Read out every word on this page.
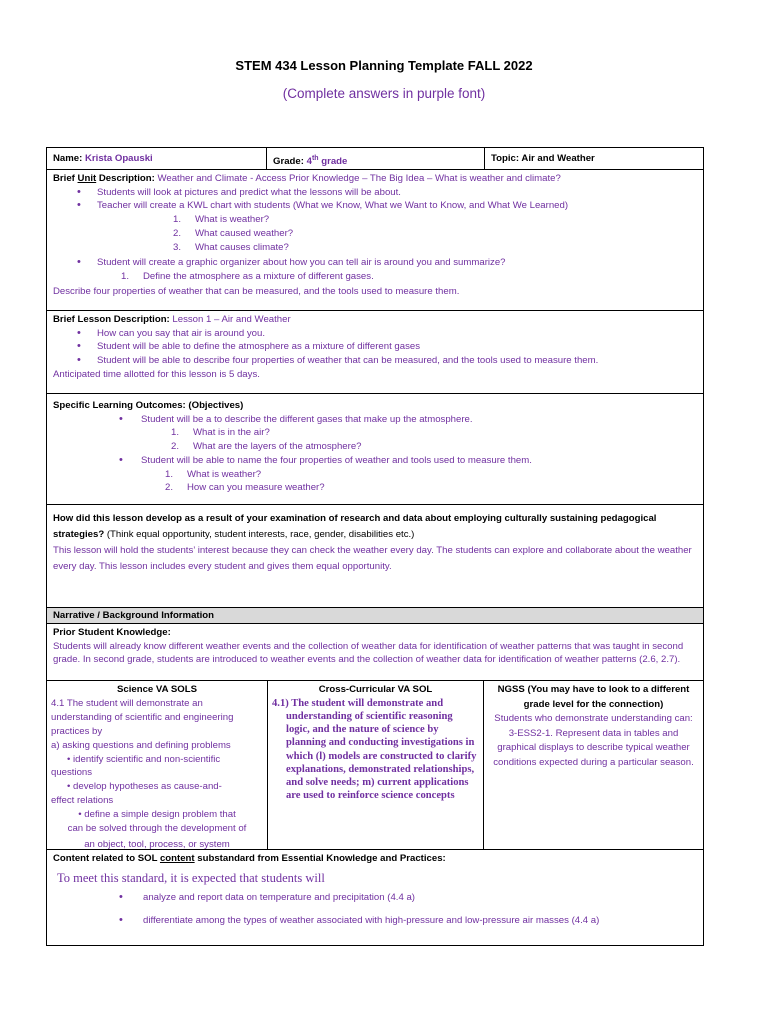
STEM 434 Lesson Planning Template FALL 2022
(Complete answers in purple font)
Name: Krista Opauski	Grade: 4th grade	Topic: Air and Weather
Brief Unit Description: Weather and Climate - Access Prior Knowledge – The Big Idea – What is weather and climate?
• Students will look at pictures and predict what the lessons will be about.
• Teacher will create a KWL chart with students (What we Know, What we Want to Know, and What We Learned)
1. What is weather?
2. What caused weather?
3. What causes climate?
• Student will create a graphic organizer about how you can tell air is around you and summarize?
1. Define the atmosphere as a mixture of different gases.
Describe four properties of weather that can be measured, and the tools used to measure them.
Brief Lesson Description: Lesson 1 – Air and Weather
• How can you say that air is around you.
• Student will be able to define the atmosphere as a mixture of different gases
• Student will be able to describe four properties of weather that can be measured, and the tools used to measure them.
Anticipated time allotted for this lesson is 5 days.
Specific Learning Outcomes: (Objectives)
• Student will be a to describe the different gases that make up the atmosphere.
1. What is in the air?
2. What are the layers of the atmosphere?
• Student will be able to name the four properties of weather and tools used to measure them.
1. What is weather?
2. How can you measure weather?
How did this lesson develop as a result of your examination of research and data about employing culturally sustaining pedagogical strategies? (Think equal opportunity, student interests, race, gender, disabilities etc.)
This lesson will hold the students’ interest because they can check the weather every day. The students can explore and collaborate about the weather every day. This lesson includes every student and gives them equal opportunity.
Narrative / Background Information
Prior Student Knowledge:
Students will already know different weather events and the collection of weather data for identification of weather patterns that was taught in second grade. In second grade, students are introduced to weather events and the collection of weather data for identification of weather patterns (2.6, 2.7).
Science VA SOLS
4.1 The student will demonstrate an
understanding of scientific and engineering
practices by
a) asking questions and defining problems
• identify scientific and non-scientific
questions
• develop hypotheses as cause-and-
effect relations
• define a simple design problem that
can be solved through the development of
an object, tool, process, or system
Cross-Curricular VA SOL
4.1) The student will demonstrate and understanding of scientific reasoning logic, and the nature of science by planning and conducting investigations in which (l) models are constructed to clarify explanations, demonstrated relationships, and solve needs; m) current applications are used to reinforce science concepts
NGSS (You may have to look to a different grade level for the connection)
Students who demonstrate understanding can:
3-ESS2-1. Represent data in tables and graphical displays to describe typical weather conditions expected during a particular season.
Content related to SOL content substandard from Essential Knowledge and Practices:
To meet this standard, it is expected that students will
• analyze and report data on temperature and precipitation (4.4 a)
• differentiate among the types of weather associated with high-pressure and low-pressure air masses (4.4 a)
